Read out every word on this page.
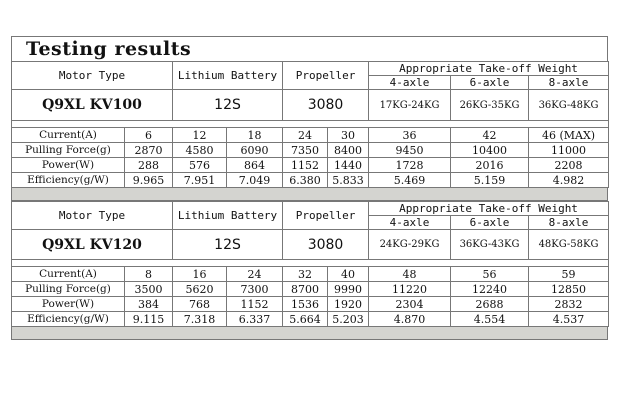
Testing results
Motor Type		Lithium Battery		Propeller		Appropriate Take-off Weight		
						4-axle	6-axle	8-axle
Q9XL KV100		12S		3080		17KG-24KG	26KG-35KG	36KG-48KG

Current(A)	6	12	18	24	30	36	42	46 (MAX)
Pulling Force(g)	2870	4580	6090	7350	8400	9450	10400	11000
Power(W)	288	576	864	1152	1440	1728	2016	2208
Efficiency(g/W)	9.965	7.951	7.049	6.380	5.833	5.469	5.159	4.982
Motor Type		Lithium Battery		Propeller		Appropriate Take-off Weight		
						4-axle	6-axle	8-axle
Q9XL KV120		12S		3080		24KG-29KG	36KG-43KG	48KG-58KG

Current(A)	8	16	24	32	40	48	56	59
Pulling Force(g)	3500	5620	7300	8700	9990	11220	12240	12850
Power(W)	384	768	1152	1536	1920	2304	2688	2832
Efficiency(g/W)	9.115	7.318	6.337	5.664	5.203	4.870	4.554	4.537
